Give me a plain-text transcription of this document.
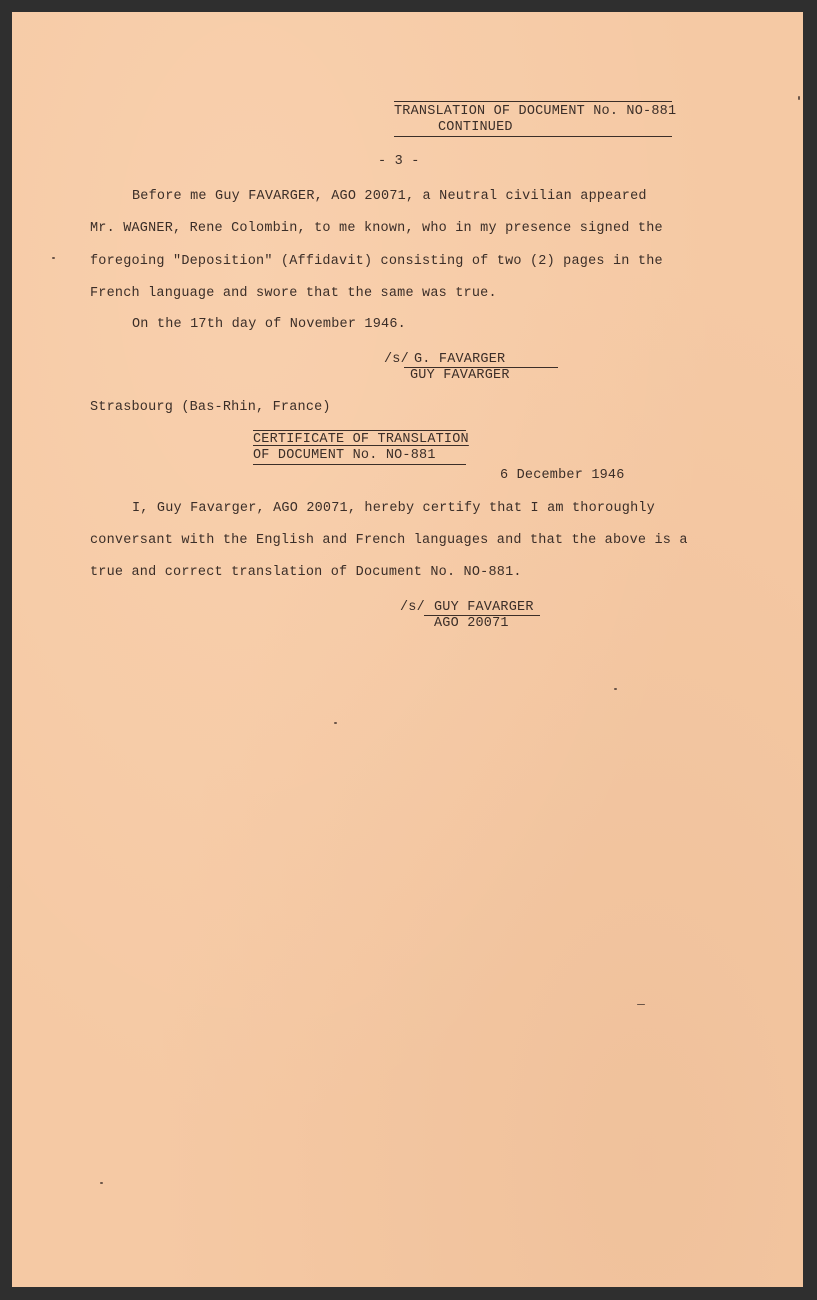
TRANSLATION OF DOCUMENT No. NO-881
CONTINUED
- 3 -
Before me Guy FAVARGER, AGO 20071, a Neutral civilian appeared
Mr. WAGNER, Rene Colombin, to me known, who in my presence signed the
foregoing "Deposition" (Affidavit) consisting of two (2) pages in the
French language and swore that the same was true.
On the 17th day of November 1946.
/s/ G. FAVARGER
GUY FAVARGER
Strasbourg (Bas-Rhin, France)
CERTIFICATE OF TRANSLATION
OF DOCUMENT No. NO-881
6 December 1946
I, Guy Favarger, AGO 20071, hereby certify that I am thoroughly
conversant with the English and French languages and that the above is a
true and correct translation of Document No. NO-881.
/s/ GUY FAVARGER
AGO 20071
